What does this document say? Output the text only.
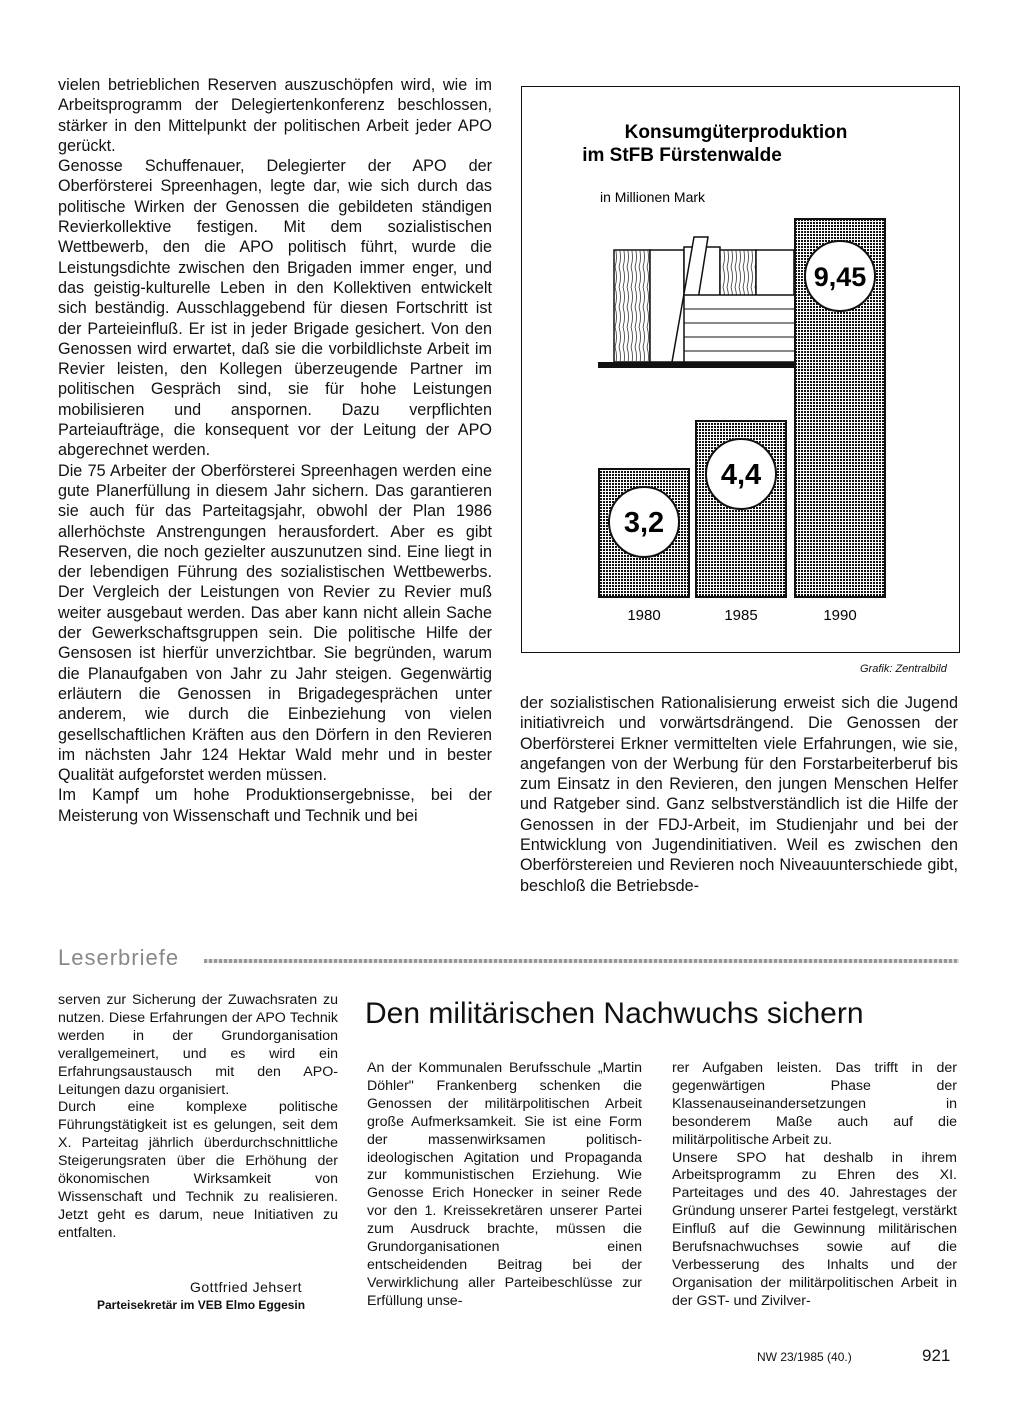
vielen betrieblichen Reserven auszuschöpfen wird, wie im Arbeitsprogramm der Delegiertenkonferenz beschlossen, stärker in den Mittelpunkt der politischen Arbeit jeder APO gerückt.

Genosse Schuffenauer, Delegierter der APO der Oberförsterei Spreenhagen, legte dar, wie sich durch das politische Wirken der Genossen die gebildeten ständigen Revierkollektive festigen. Mit dem sozialistischen Wettbewerb, den die APO politisch führt, wurde die Leistungsdichte zwischen den Brigaden immer enger, und das geistig-kulturelle Leben in den Kollektiven entwickelt sich beständig. Ausschlaggebend für diesen Fortschritt ist der Parteieinfluß. Er ist in jeder Brigade gesichert. Von den Genossen wird erwartet, daß sie die vorbildlichste Arbeit im Revier leisten, den Kollegen überzeugende Partner im politischen Gespräch sind, sie für hohe Leistungen mobilisieren und anspornen. Dazu verpflichten Parteiaufträge, die konsequent vor der Leitung der APO abgerechnet werden.

Die 75 Arbeiter der Oberförsterei Spreenhagen werden eine gute Planerfüllung in diesem Jahr sichern. Das garantieren sie auch für das Parteitagsjahr, obwohl der Plan 1986 allerhöchste Anstrengungen herausfordert. Aber es gibt Reserven, die noch gezielter auszunutzen sind. Eine liegt in der lebendigen Führung des sozialistischen Wettbewerbs. Der Vergleich der Leistungen von Revier zu Revier muß weiter ausgebaut werden. Das aber kann nicht allein Sache der Gewerkschaftsgruppen sein. Die politische Hilfe der Gensosen ist hierfür unverzichtbar. Sie begründen, warum die Planaufgaben von Jahr zu Jahr steigen. Gegenwärtig erläutern die Genossen in Brigadegesprächen unter anderem, wie durch die Einbeziehung von vielen gesellschaftlichen Kräften aus den Dörfern in den Revieren im nächsten Jahr 124 Hektar Wald mehr und in bester Qualität aufgeforstet werden müssen.

Im Kampf um hohe Produktionsergebnisse, bei der Meisterung von Wissenschaft und Technik und bei

Konsumgüterproduktion
im StFB Fürstenwalde
in Millionen Mark
3,2
4,4
9,45
1980	1985	1990
Grafik: Zentralbild

der sozialistischen Rationalisierung erweist sich die Jugend initiativreich und vorwärtsdrängend. Die Genossen der Oberförsterei Erkner vermittelten viele Erfahrungen, wie sie, angefangen von der Werbung für den Forstarbeiterberuf bis zum Einsatz in den Revieren, den jungen Menschen Helfer und Ratgeber sind. Ganz selbstverständlich ist die Hilfe der Genossen in der FDJ-Arbeit, im Studienjahr und bei der Entwicklung von Jugendinitiativen. Weil es zwischen den Oberförstereien und Revieren noch Niveauunterschiede gibt, beschloß die Betriebsde-

Leserbriefe

serven zur Sicherung der Zuwachsraten zu nutzen. Diese Erfahrungen der APO Technik werden in der Grundorganisation verallgemeinert, und es wird ein Erfahrungsaustausch mit den APO-Leitungen dazu organisiert.

Durch eine komplexe politische Führungstätigkeit ist es gelungen, seit dem X. Parteitag jährlich überdurchschnittliche Steigerungsraten über die Erhöhung der ökonomischen Wirksamkeit von Wissenschaft und Technik zu realisieren. Jetzt geht es darum, neue Initiativen zu entfalten.

Gottfried Jehsert
Parteisekretär im VEB Elmo Eggesin
Den militärischen Nachwuchs sichern

An der Kommunalen Berufsschule „Martin Döhler" Frankenberg schenken die Genossen der militärpolitischen Arbeit große Aufmerksamkeit. Sie ist eine Form der massenwirksamen politisch-ideologischen Agitation und Propaganda zur kommunistischen Erziehung. Wie Genosse Erich Honecker in seiner Rede vor den 1. Kreissekretären unserer Partei zum Ausdruck brachte, müssen die Grundorganisationen einen entscheidenden Beitrag bei der Verwirklichung aller Parteibeschlüsse zur Erfüllung unse-

rer Aufgaben leisten. Das trifft in der gegenwärtigen Phase der Klassenauseinandersetzungen in besonderem Maße auch auf die militärpolitische Arbeit zu.

Unsere SPO hat deshalb in ihrem Arbeitsprogramm zu Ehren des XI. Parteitages und des 40. Jahrestages der Gründung unserer Partei festgelegt, verstärkt Einfluß auf die Gewinnung militärischen Berufsnachwuchses sowie auf die Verbesserung des Inhalts und der Organisation der militärpolitischen Arbeit in der GST- und Zivilver-

NW 23/1985 (40.)	921
